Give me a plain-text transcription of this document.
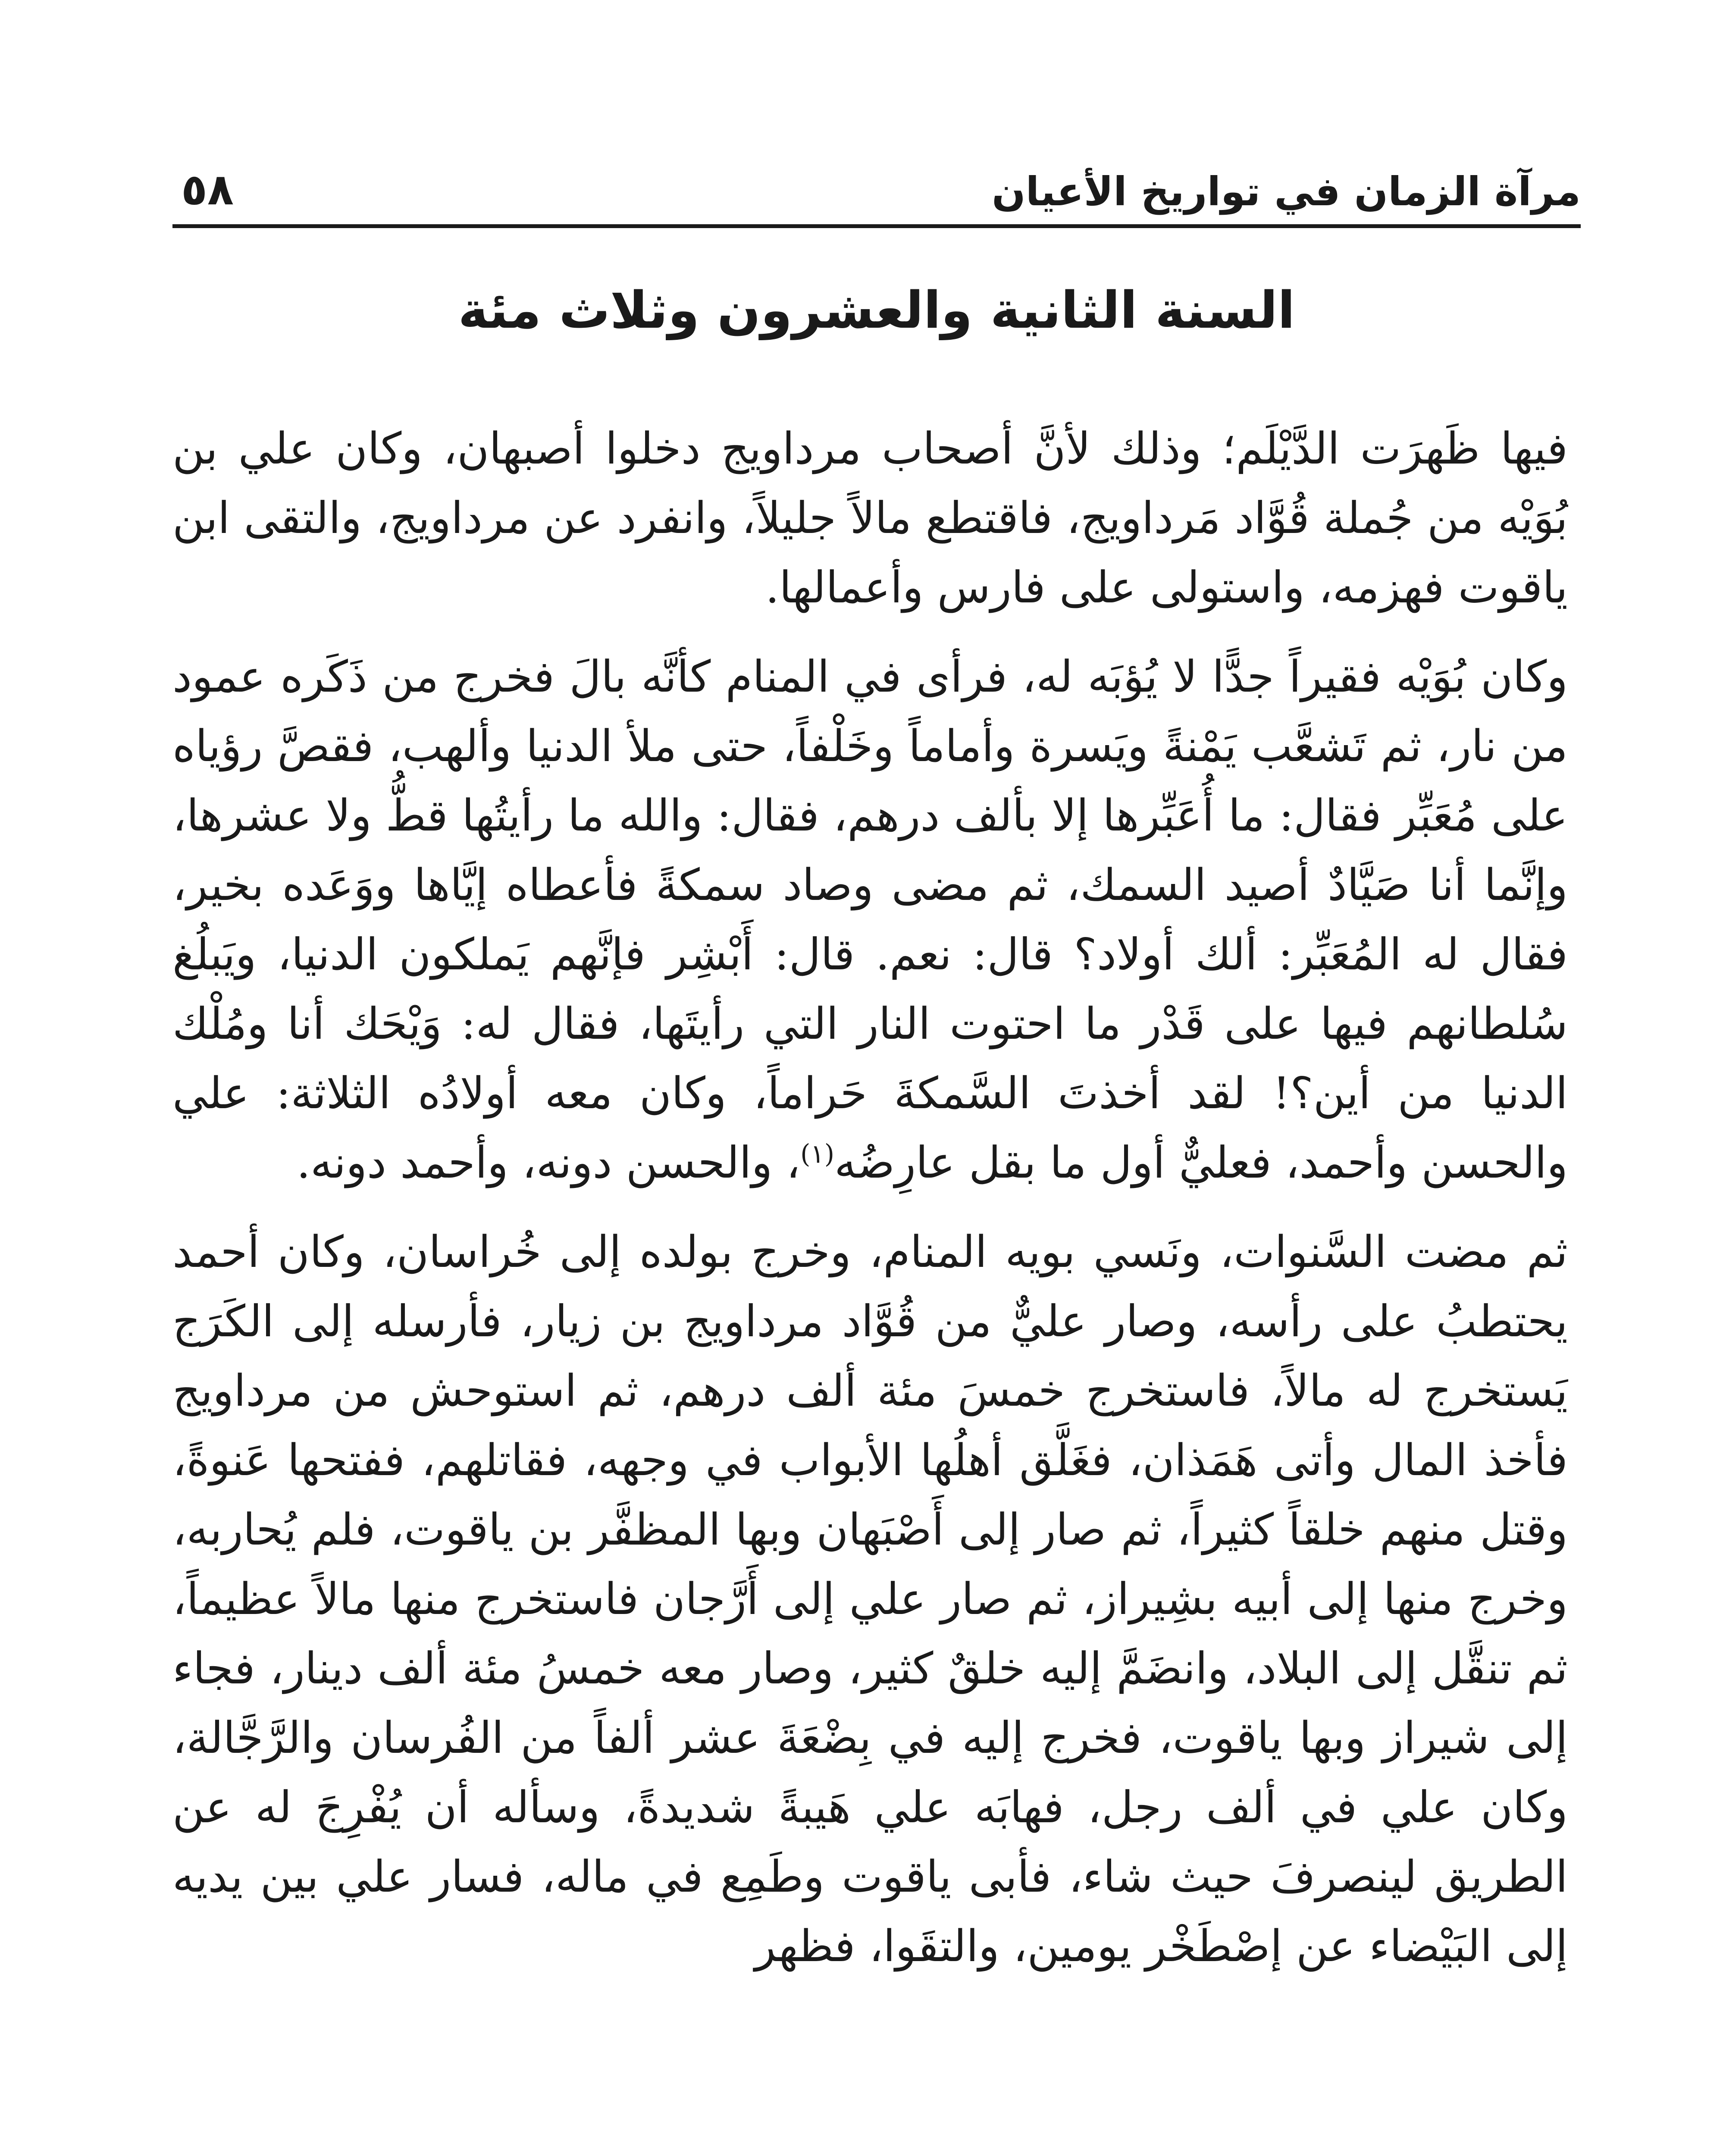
مرآة الزمان في تواريخ الأعيان
٥٨
السنة الثانية والعشرون وثلاث مئة

فيها ظَهرَت الدَّيْلَم؛ وذلك لأنَّ أصحاب مرداويج دخلوا أصبهان، وكان علي بن بُوَيْه من جُملة قُوَّاد مَرداويج، فاقتطع مالاً جليلاً، وانفرد عن مرداويج، والتقى ابن ياقوت فهزمه، واستولى على فارس وأعمالها.

وكان بُوَيْه فقيراً جدًّا لا يُؤبَه له، فرأى في المنام كأنَّه بالَ فخرج من ذَكَره عمود من نار، ثم تَشعَّب يَمْنةً ويَسرة وأماماً وخَلْفاً، حتى ملأ الدنيا وألهب، فقصَّ رؤياه على مُعَبِّر فقال: ما أُعَبِّرها إلا بألف درهم، فقال: والله ما رأيتُها قطُّ ولا عشرها، وإنَّما أنا صَيَّادٌ أصيد السمك، ثم مضى وصاد سمكةً فأعطاه إيَّاها ووَعَده بخير، فقال له المُعَبِّر: ألك أولاد؟ قال: نعم. قال: أَبْشِر فإنَّهم يَملكون الدنيا، ويَبلُغ سُلطانهم فيها على قَدْر ما احتوت النار التي رأيتَها، فقال له: وَيْحَك أنا ومُلْك الدنيا من أين؟! لقد أخذتَ السَّمكةَ حَراماً، وكان معه أولادُه الثلاثة: علي والحسن وأحمد، فعليٌّ أول ما بقل عارِضُه$^{(١)}$، والحسن دونه، وأحمد دونه.

ثم مضت السَّنوات، ونَسي بويه المنام، وخرج بولده إلى خُراسان، وكان أحمد يحتطبُ على رأسه، وصار عليٌّ من قُوَّاد مرداويج بن زيار، فأرسله إلى الكَرَج يَستخرج له مالاً، فاستخرج خمسَ مئة ألف درهم، ثم استوحش من مرداويج فأخذ المال وأتى هَمَذان، فغَلَّق أهلُها الأبواب في وجهه، فقاتلهم، ففتحها عَنوةً، وقتل منهم خلقاً كثيراً، ثم صار إلى أَصْبَهان وبها المظفَّر بن ياقوت، فلم يُحاربه، وخرج منها إلى أبيه بشِيراز، ثم صار علي إلى أَرَّجان فاستخرج منها مالاً عظيماً، ثم تنقَّل إلى البلاد، وانضَمَّ إليه خلقٌ كثير، وصار معه خمسُ مئة ألف دينار، فجاء إلى شيراز وبها ياقوت، فخرج إليه في بِضْعَةَ عشر ألفاً من الفُرسان والرَّجَّالة، وكان علي في ألف رجل، فهابَه علي هَيبةً شديدةً، وسأله أن يُفْرِجَ له عن الطريق لينصرفَ حيث شاء، فأبى ياقوت وطَمِع في ماله، فسار علي بين يديه إلى البَيْضاء عن إصْطَخْر يومين، والتقَوا، فظهر
